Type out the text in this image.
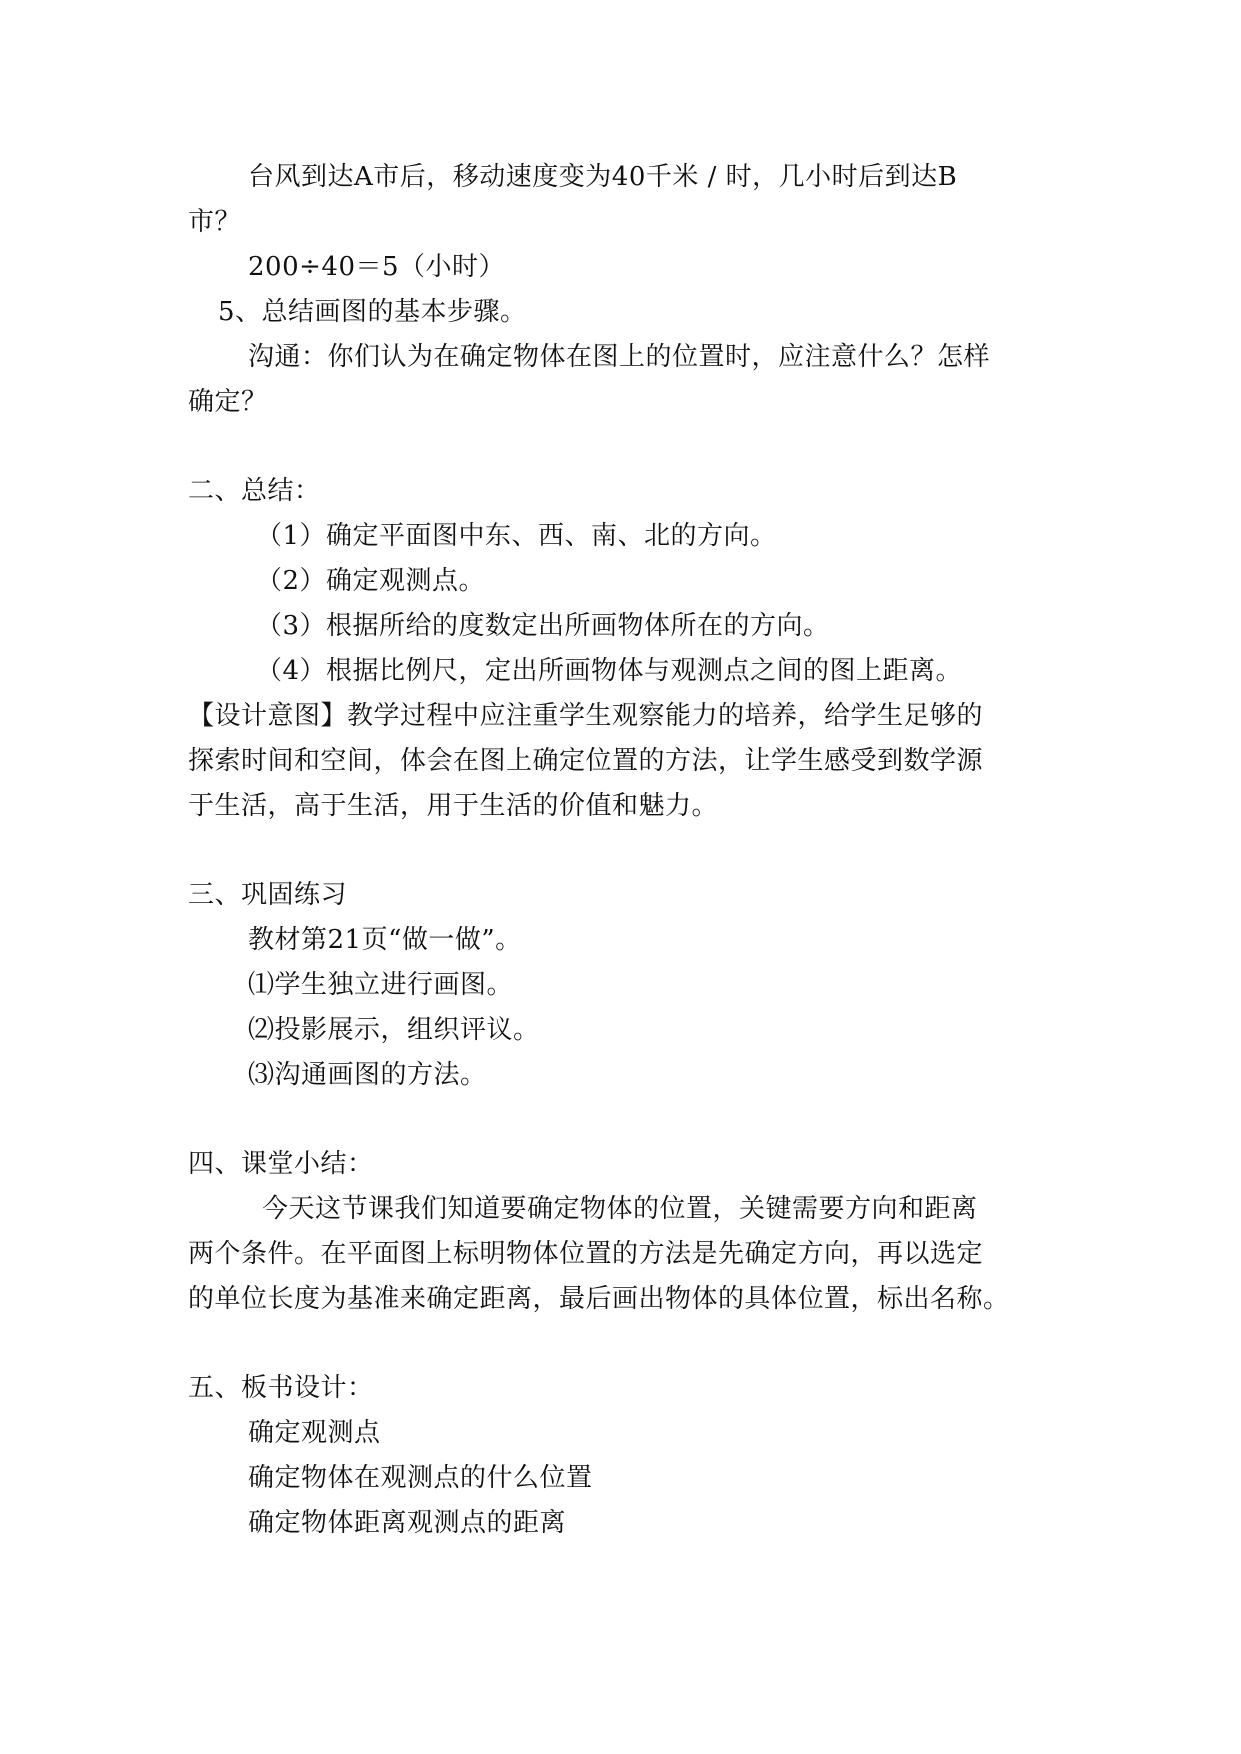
台风到达A市后，移动速度变为40千米 / 时，几小时后到达B
市？
200÷40＝5（小时）
5、总结画图的基本步骤。
沟通：你们认为在确定物体在图上的位置时，应注意什么？怎样
确定？
二、总结：
（1）确定平面图中东、西、南、北的方向。
（2）确定观测点。
（3）根据所给的度数定出所画物体所在的方向。
（4）根据比例尺，定出所画物体与观测点之间的图上距离。
【设计意图】教学过程中应注重学生观察能力的培养，给学生足够的
探索时间和空间，体会在图上确定位置的方法，让学生感受到数学源
于生活，高于生活，用于生活的价值和魅力。
三、巩固练习
教材第21页“做一做”。
⑴学生独立进行画图。
⑵投影展示，组织评议。
⑶沟通画图的方法。
四、课堂小结：
今天这节课我们知道要确定物体的位置，关键需要方向和距离
两个条件。在平面图上标明物体位置的方法是先确定方向，再以选定
的单位长度为基准来确定距离，最后画出物体的具体位置，标出名称。
五、板书设计：
确定观测点
确定物体在观测点的什么位置
确定物体距离观测点的距离
